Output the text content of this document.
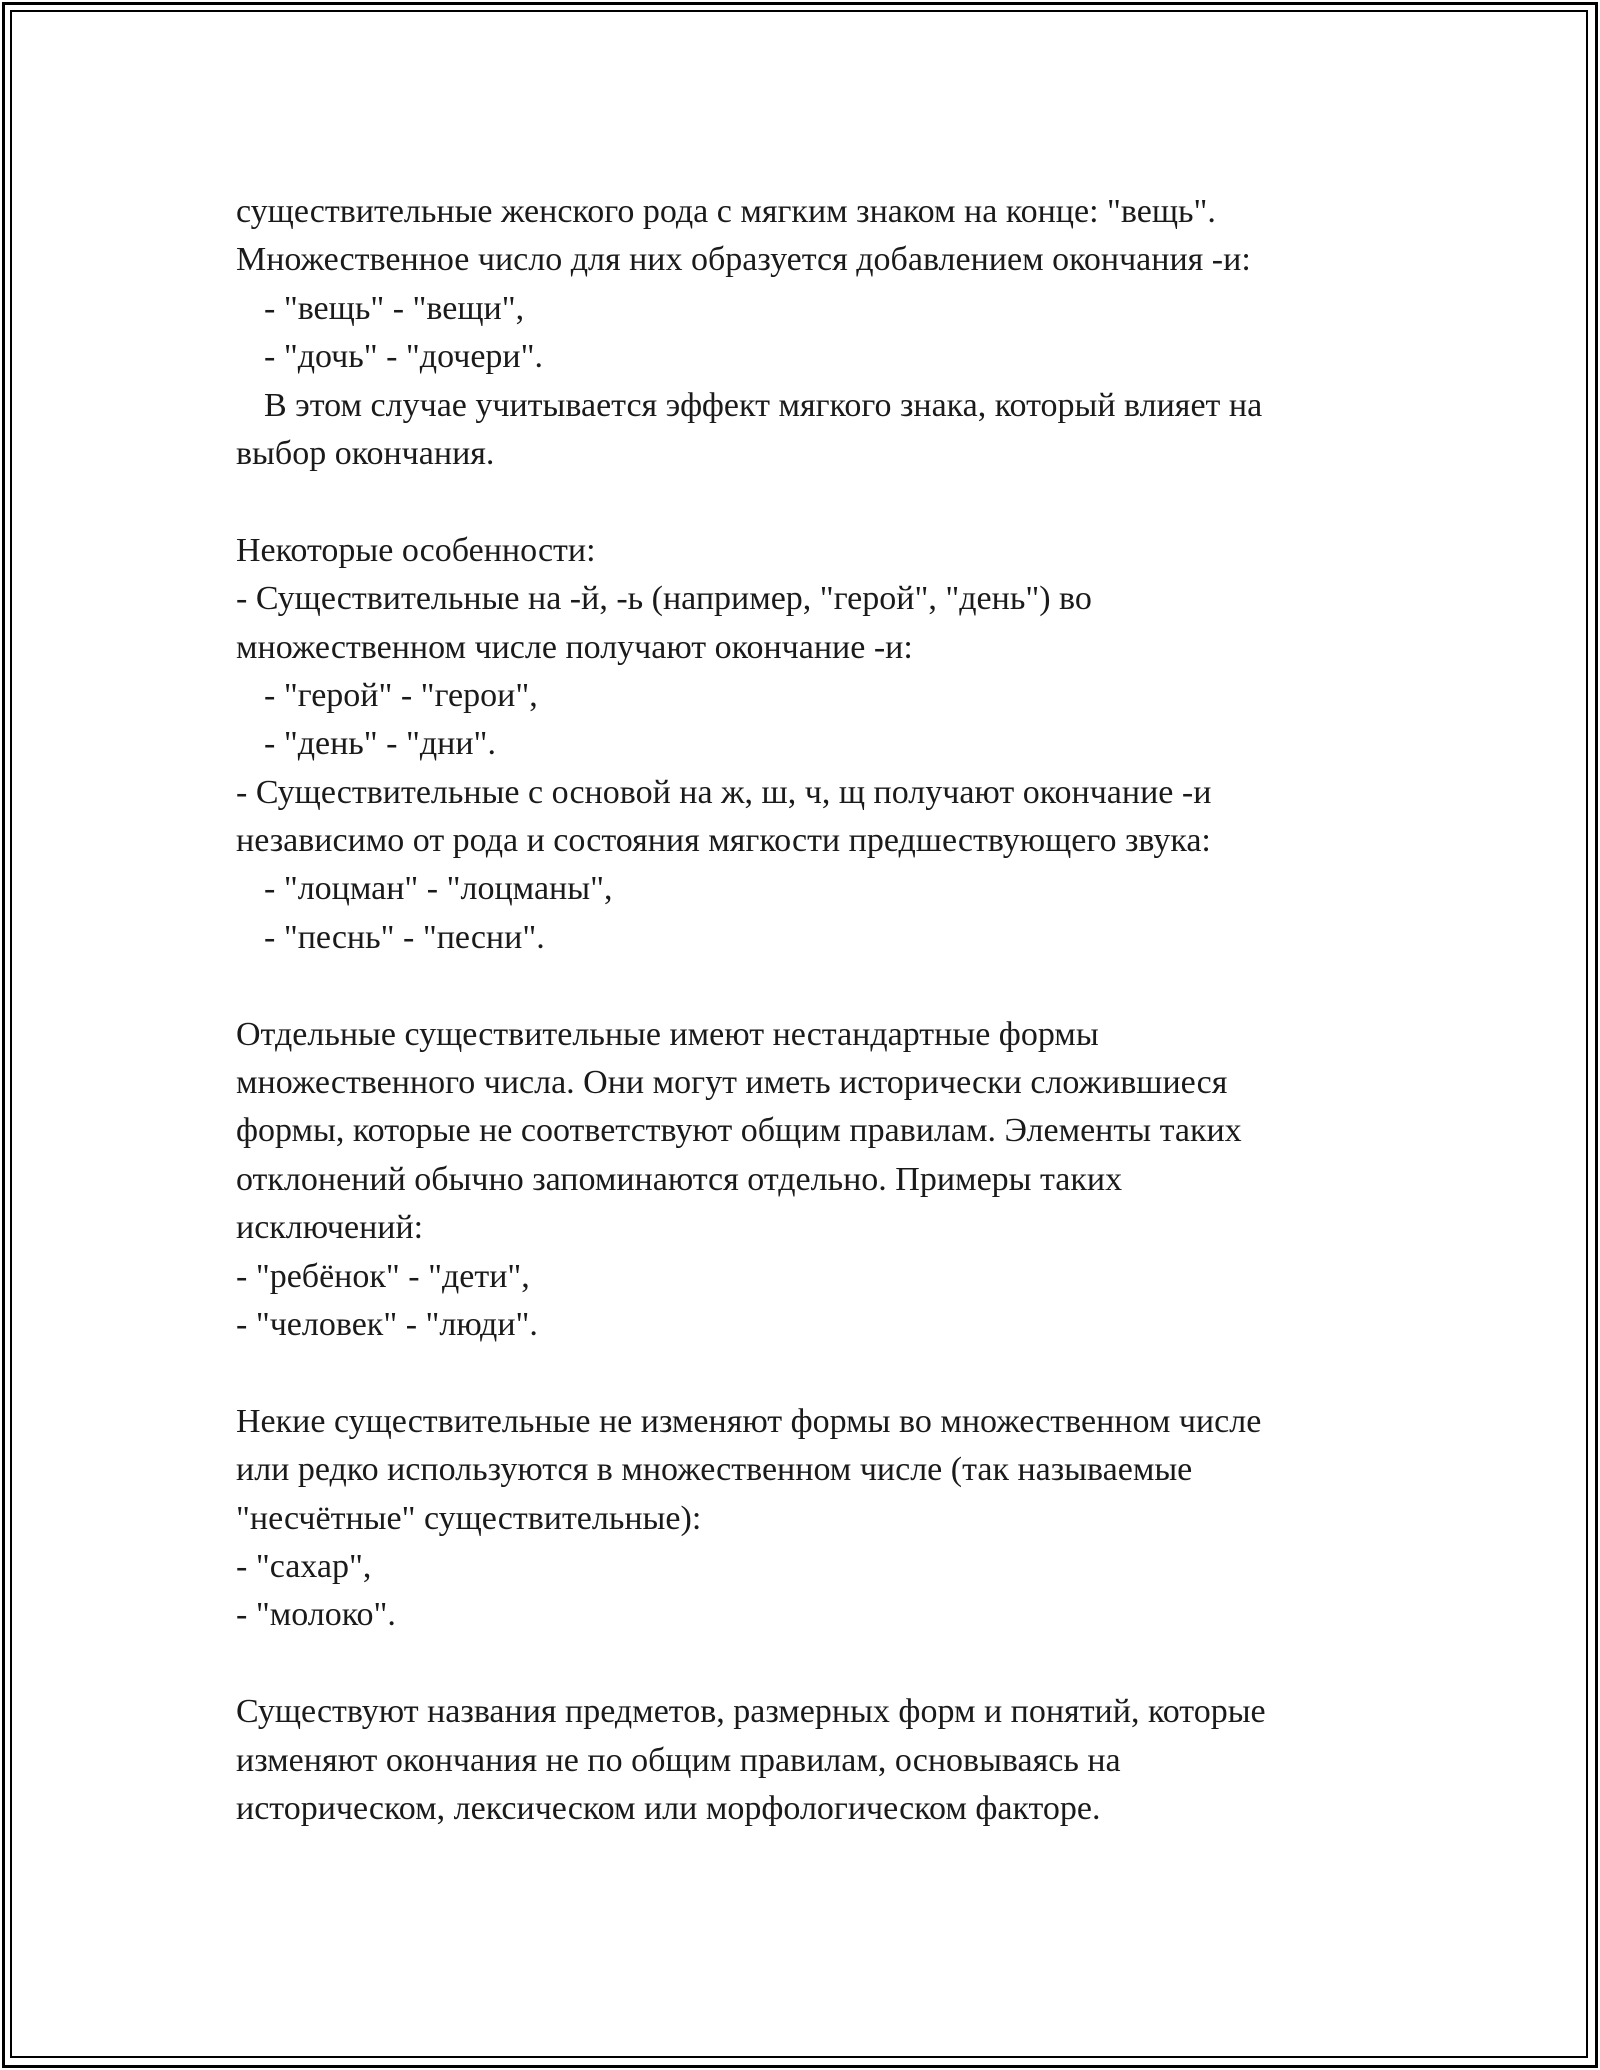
существительные женского рода с мягким знаком на конце: "вещь".
Множественное число для них образуется добавлением окончания -и:
- "вещь" - "вещи",
- "дочь" - "дочери".
В этом случае учитывается эффект мягкого знака, который влияет на
выбор окончания.
Некоторые особенности:
- Существительные на -й, -ь (например, "герой", "день") во
множественном числе получают окончание -и:
- "герой" - "герои",
- "день" - "дни".
- Существительные с основой на ж, ш, ч, щ получают окончание -и
независимо от рода и состояния мягкости предшествующего звука:
- "лоцман" - "лоцманы",
- "песнь" - "песни".
Отдельные существительные имеют нестандартные формы
множественного числа. Они могут иметь исторически сложившиеся
формы, которые не соответствуют общим правилам. Элементы таких
отклонений обычно запоминаются отдельно. Примеры таких
исключений:
- "ребёнок" - "дети",
- "человек" - "люди".
Некие существительные не изменяют формы во множественном числе
или редко используются в множественном числе (так называемые
"несчётные" существительные):
- "сахар",
- "молоко".
Существуют названия предметов, размерных форм и понятий, которые
изменяют окончания не по общим правилам, основываясь на
историческом, лексическом или морфологическом факторе.
